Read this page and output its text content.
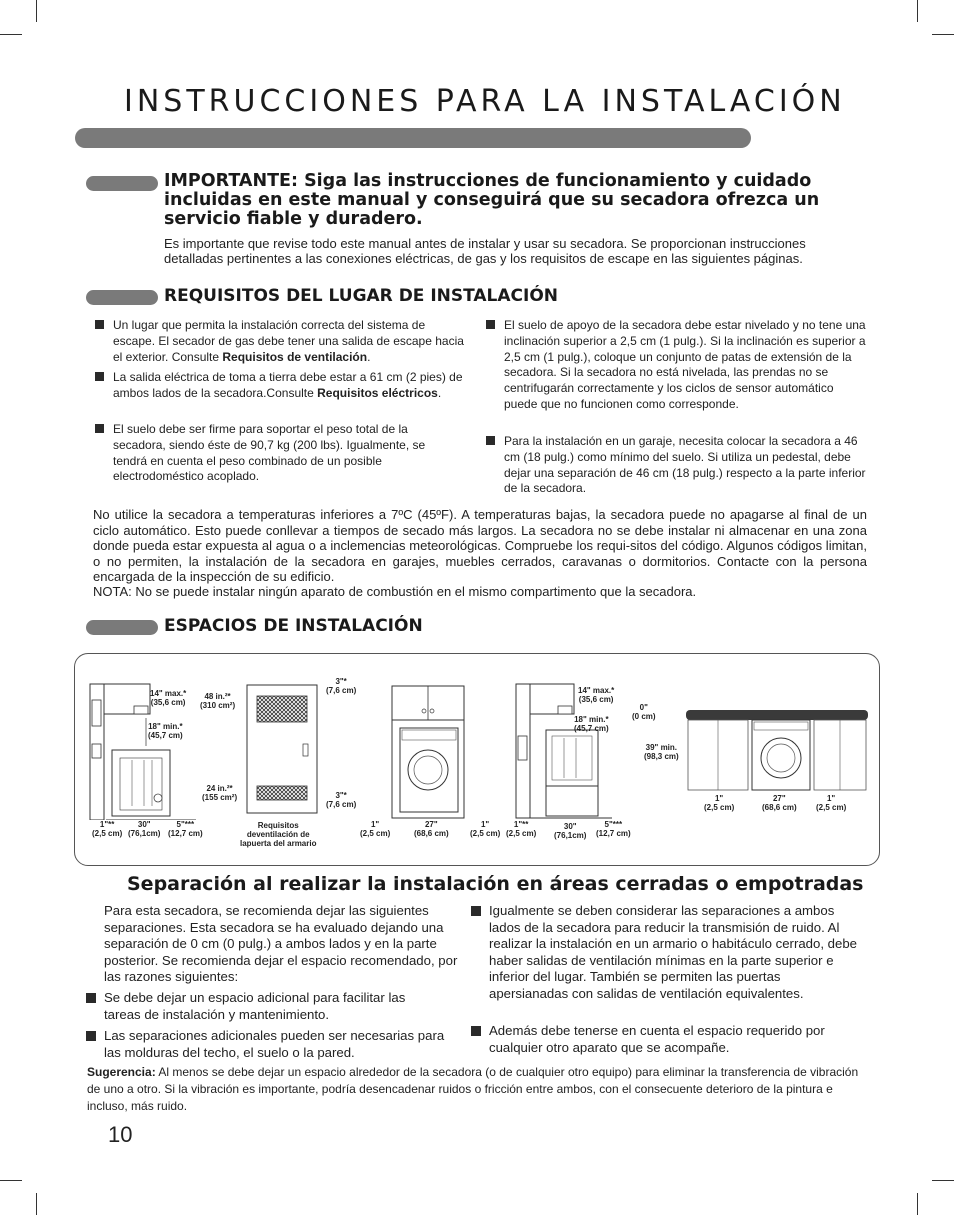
INSTRUCCIONES PARA LA INSTALACIÓN
IMPORTANTE: Siga las instrucciones de funcionamiento y cuidado incluidas en este manual y conseguirá que su secadora ofrezca un servicio fiable y duradero.

Es importante que revise todo este manual antes de instalar y usar su secadora. Se proporcionan instrucciones detalladas pertinentes a las conexiones eléctricas, de gas y los requisitos de escape en las siguientes páginas.

REQUISITOS DEL LUGAR DE INSTALACIÓN
Un lugar que permita la instalación correcta del sistema de escape. El secador de gas debe tener una salida de escape hacia el exterior. Consulte Requisitos de ventilación.
La salida eléctrica de toma a tierra debe estar a 61 cm (2 pies) de ambos lados de la secadora.Consulte Requisitos eléctricos.
El suelo debe ser firme para soportar el peso total de la secadora, siendo éste de 90,7 kg (200 lbs). Igualmente, se tendrá en cuenta el peso combinado de un posible electrodoméstico acoplado.
El suelo de apoyo de la secadora debe estar nivelado y no tene una inclinación superior a 2,5 cm (1 pulg.). Si la inclinación es superior a 2,5 cm (1 pulg.), coloque un conjunto de patas de extensión de la secadora. Si la secadora no está nivelada, las prendas no se centrifugarán correctamente y los ciclos de sensor automático puede que no funcionen como corresponde.
Para la instalación en un garaje, necesita colocar la secadora a 46 cm (18 pulg.) como mínimo del suelo. Si utiliza un pedestal, debe dejar una separación de 46 cm (18 pulg.) respecto a la parte inferior de la secadora.

No utilice la secadora a temperaturas inferiores a 7ºC (45ºF). A temperaturas bajas, la secadora puede no apagarse al final de un ciclo automático. Esto puede conllevar a tiempos de secado más largos. La secadora no se debe instalar ni almacenar en una zona donde pueda estar expuesta al agua o a inclemencias meteorológicas. Compruebe los requi-sitos del código. Algunos códigos limitan, o no permiten, la instalación de la secadora en garajes, muebles cerrados, caravanas o dormitorios. Contacte con la persona encargada de la inspección de su edificio.

NOTA: No se puede instalar ningún aparato de combustión en el mismo compartimento que la secadora.

ESPACIOS DE INSTALACIÓN
14" max.*
(35,6 cm)
18" min.*
(45,7 cm)
1"**
(2,5 cm)
30"
(76,1cm)
5"***
(12,7 cm)
48 in.²*
(310 cm²)
24 in.²*
(155 cm²)
3"*
(7,6 cm)
3"*
(7,6 cm)
Requisitos
deventilación de
lapuerta del armario
1"
(2,5 cm)
27"
(68,6 cm)
1"
(2,5 cm)
14" max.*
(35,6 cm)
18" min.*
(45,7 cm)
1"**
(2,5 cm)
30"
(76,1cm)
5"***
(12,7 cm)
0"
(0 cm)
39" min.
(98,3 cm)
1"
(2,5 cm)
27"
(68,6 cm)
1"
(2,5 cm)
Separación al realizar la instalación en áreas cerradas o empotradas

Para esta secadora, se recomienda dejar las siguientes separaciones. Esta secadora se ha evaluado dejando una separación de 0 cm (0 pulg.) a ambos lados y en la parte posterior. Se recomienda dejar el espacio recomendado, por las razones siguientes:

Se debe dejar un espacio adicional para facilitar las tareas de instalación y mantenimiento.
Las separaciones adicionales pueden ser necesarias para las molduras del techo, el suelo o la pared.
Igualmente se deben considerar las separaciones a ambos lados de la secadora para reducir la transmisión de ruido. Al realizar la instalación en un armario o habitáculo cerrado, debe haber salidas de ventilación mínimas en la parte superior e inferior del lugar. También se permiten las puertas apersianadas con salidas de ventilación equivalentes.
Además debe tenerse en cuenta el espacio requerido por cualquier otro aparato que se acompañe.

Sugerencia: Al menos se debe dejar un espacio alrededor de la secadora (o de cualquier otro equipo) para eliminar la transferencia de vibración de uno a otro. Si la vibración es importante, podría desencadenar ruidos o fricción entre ambos, con el consecuente deterioro de la pintura e incluso, más ruido.

10
